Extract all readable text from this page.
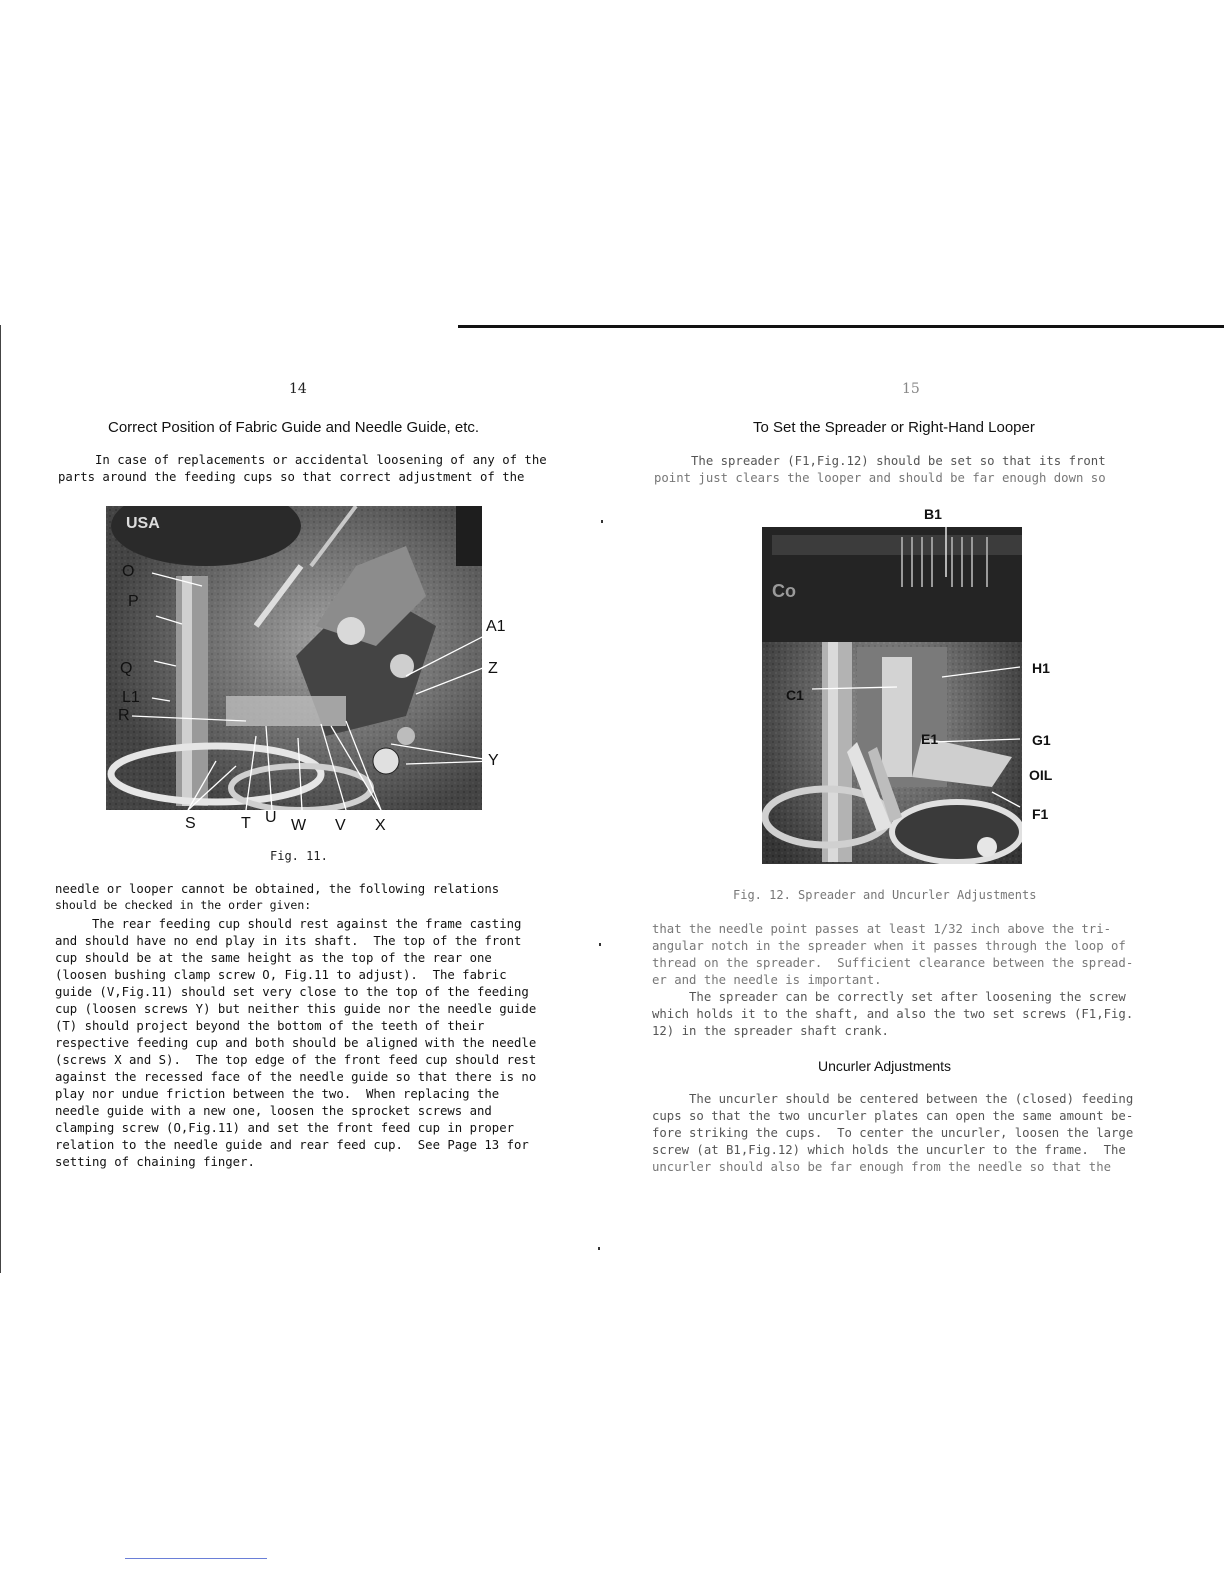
14
Correct Position of Fabric Guide and Needle Guide, etc.
In case of replacements or accidental loosening of any of the
parts around the feeding cups so that correct adjustment of the
USA
O
P
Q
L1
R
A1
Z
Y
S	T U W V X
Fig. 11.
needle or looper cannot be obtained, the following relations
should be checked in the order given:
The rear feeding cup should rest against the frame casting
and should have no end play in its shaft.  The top of the front
cup should be at the same height as the top of the rear one
(loosen bushing clamp screw O, Fig.11 to adjust).  The fabric
guide (V,Fig.11) should set very close to the top of the feeding
cup (loosen screws Y) but neither this guide nor the needle guide
(T) should project beyond the bottom of the teeth of their
respective feeding cup and both should be aligned with the needle
(screws X and S).  The top edge of the front feed cup should rest
against the recessed face of the needle guide so that there is no
play nor undue friction between the two.  When replacing the
needle guide with a new one, loosen the sprocket screws and
clamping screw (O,Fig.11) and set the front feed cup in proper
relation to the needle guide and rear feed cup.  See Page 13 for
setting of chaining finger.
15
To Set the Spreader or Right-Hand Looper
The spreader (F1,Fig.12) should be set so that its front
point just clears the looper and should be far enough down so
Co
B1
H1
C1
E1	G1
OIL
F1
Fig. 12. Spreader and Uncurler Adjustments
that the needle point passes at least 1/32 inch above the tri-
angular notch in the spreader when it passes through the loop of
thread on the spreader.  Sufficient clearance between the spread-
er and the needle is important.
The spreader can be correctly set after loosening the screw
which holds it to the shaft, and also the two set screws (F1,Fig.
12) in the spreader shaft crank.
Uncurler Adjustments
The uncurler should be centered between the (closed) feeding
cups so that the two uncurler plates can open the same amount be-
fore striking the cups.  To center the uncurler, loosen the large
screw (at B1,Fig.12) which holds the uncurler to the frame.  The
uncurler should also be far enough from the needle so that the
